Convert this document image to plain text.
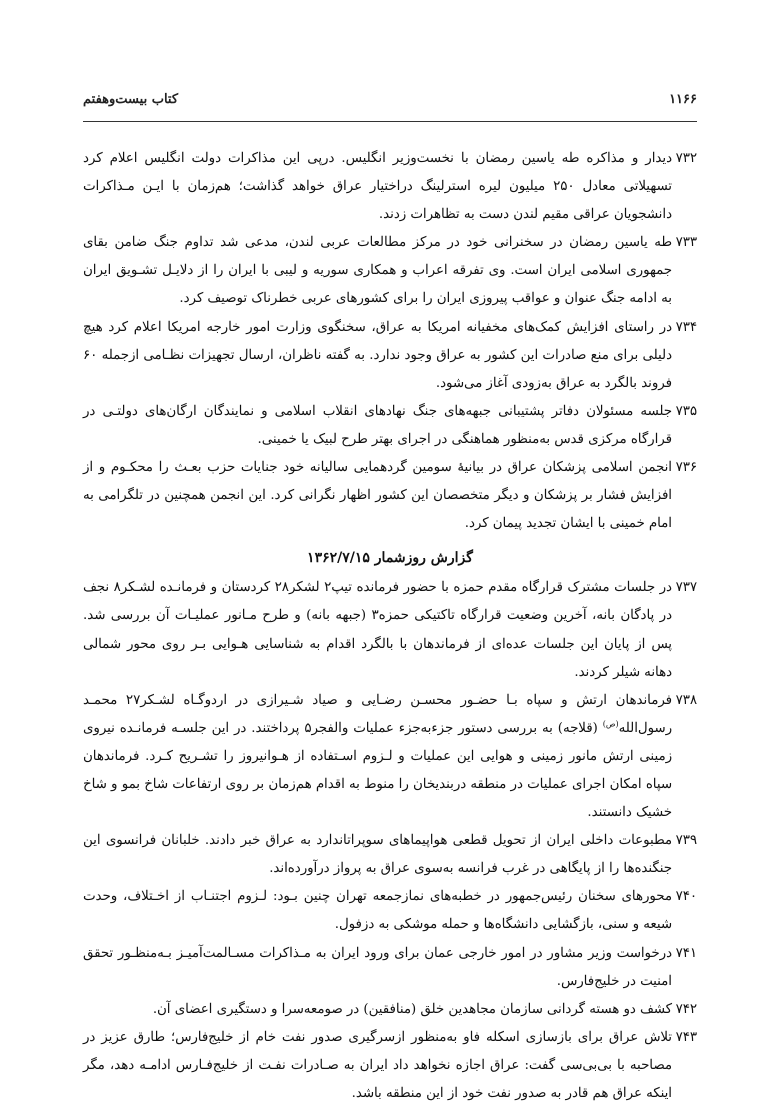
کتاب بیست‌وهفتم	۱۱۶۶

۷۳۲
دیدار و مذاکره طه یاسین رمضان با نخست‌وزیر انگلیس. درپی این مذاکرات دولت انگلیس اعلام کرد تسهیلاتی معادل ۲۵۰ میلیون لیره استرلینگ دراختیار عراق خواهد گذاشت؛ هم‌زمان با ایـن مـذاکرات دانشجویان عراقی مقیم لندن دست به تظاهرات زدند.

۷۳۳
طه یاسین رمضان در سخنرانی خود در مرکز مطالعات عربی لندن، مدعی شد تداوم جنگ ضامن بقای جمهوری اسلامی ایران است. وی تفرقه اعراب و همکاری سوریه و لیبی با ایران را از دلایـل تشـویق ایران به ادامه جنگ عنوان و عواقب پیروزی ایران را برای کشورهای عربی خطرناک توصیف کرد.

۷۳۴
در راستای افزایش کمک‌های مخفیانه امریکا به عراق، سخنگوی وزارت امور خارجه امریکا اعلام کرد هیچ دلیلی برای منع صادرات این کشور به عراق وجود ندارد. به گفته ناظران، ارسال تجهیزات نظـامی ازجمله ۶۰ فروند بالگرد به عراق به‌زودی آغاز می‌شود.

۷۳۵
جلسه مسئولان دفاتر پشتیبانی جبهه‌های جنگ نهادهای انقلاب اسلامی و نمایندگان ارگان‌های دولتـی در قرارگاه مرکزی قدس به‌منظور هماهنگی در اجرای بهتر طرح لبیک یا خمینی.

۷۳۶
انجمن اسلامی پزشکان عراق در بیانیهٔ سومین گردهمایی سالیانه خود جنایات حزب بعـث را محکـوم و از افزایش فشار بر پزشکان و دیگر متخصصان این کشور اظهار نگرانی کرد. این انجمن همچنین در تلگرامی به امام خمینی با ایشان تجدید پیمان کرد.

گزارش روزشمار ۱۳۶۲/۷/۱۵

۷۳۷
در جلسات مشترک قرارگاه مقدم حمزه با حضور فرمانده تیپ۲ لشکر۲۸ کردستان و فرمانـده لشـکر۸ نجف در پادگان بانه، آخرین وضعیت قرارگاه تاکتیکی حمزه۳ (جبهه بانه) و طرح مـانور عملیـات آن بررسی شد. پس از پایان این جلسات عده‌ای از فرماندهان با بالگرد اقدام به شناسایی هـوایی بـر روی محور شمالی دهانه شیلر کردند.

۷۳۸
فرماندهان ارتش و سپاه بـا حضـور محسـن رضـایی و صیاد شـیرازی در اردوگـاه لشـکر۲۷ محمـد رسول‌الله$^{(ص)}$ (قلاجه) به بررسی دستور جزءبه‌جزء عملیات والفجر۵ پرداختند. در این جلسـه فرمانـده نیروی زمینی ارتش مانور زمینی و هوایی این عملیات و لـزوم اسـتفاده از هـوانیروز را تشـریح کـرد. فرماندهان سپاه امکان اجرای عملیات در منطقه دربندیخان را منوط به اقدام هم‌زمان بر روی ارتفاعات شاخ بمو و شاخ خشیک دانستند.

۷۳۹
مطبوعات داخلی ایران از تحویل قطعی هواپیماهای سوپراتاندارد به عراق خبر دادند. خلبانان فرانسوی این جنگنده‌ها را از پایگاهی در غرب فرانسه به‌سوی عراق به پرواز درآورده‌اند.

۷۴۰
محورهای سخنان رئیس‌جمهور در خطبه‌های نمازجمعه تهران چنین بـود: لـزوم اجتنـاب از اخـتلاف، وحدت شیعه و سنی، بازگشایی دانشگاه‌ها و حمله موشکی به دزفول.

۷۴۱
درخواست وزیر مشاور در امور خارجی عمان برای ورود ایران به مـذاکرات مسـالمت‌آمیـز بـه‌منظـور تحقق امنیت در خلیج‌فارس.

۷۴۲
کشف دو هسته گردانی سازمان مجاهدین خلق (منافقین) در صومعه‌سرا و دستگیری اعضای آن.

۷۴۳
تلاش عراق برای بازسازی اسکله فاو به‌منظور ازسرگیری صدور نفت خام از خلیج‌فارس؛ طارق عزیز در مصاحبه با بی‌بی‌سی گفت: عراق اجازه نخواهد داد ایران به صـادرات نفـت از خلیج‌فـارس ادامـه دهد، مگر اینکه عراق هم قادر به صدور نفت خود از این منطقه باشد.
